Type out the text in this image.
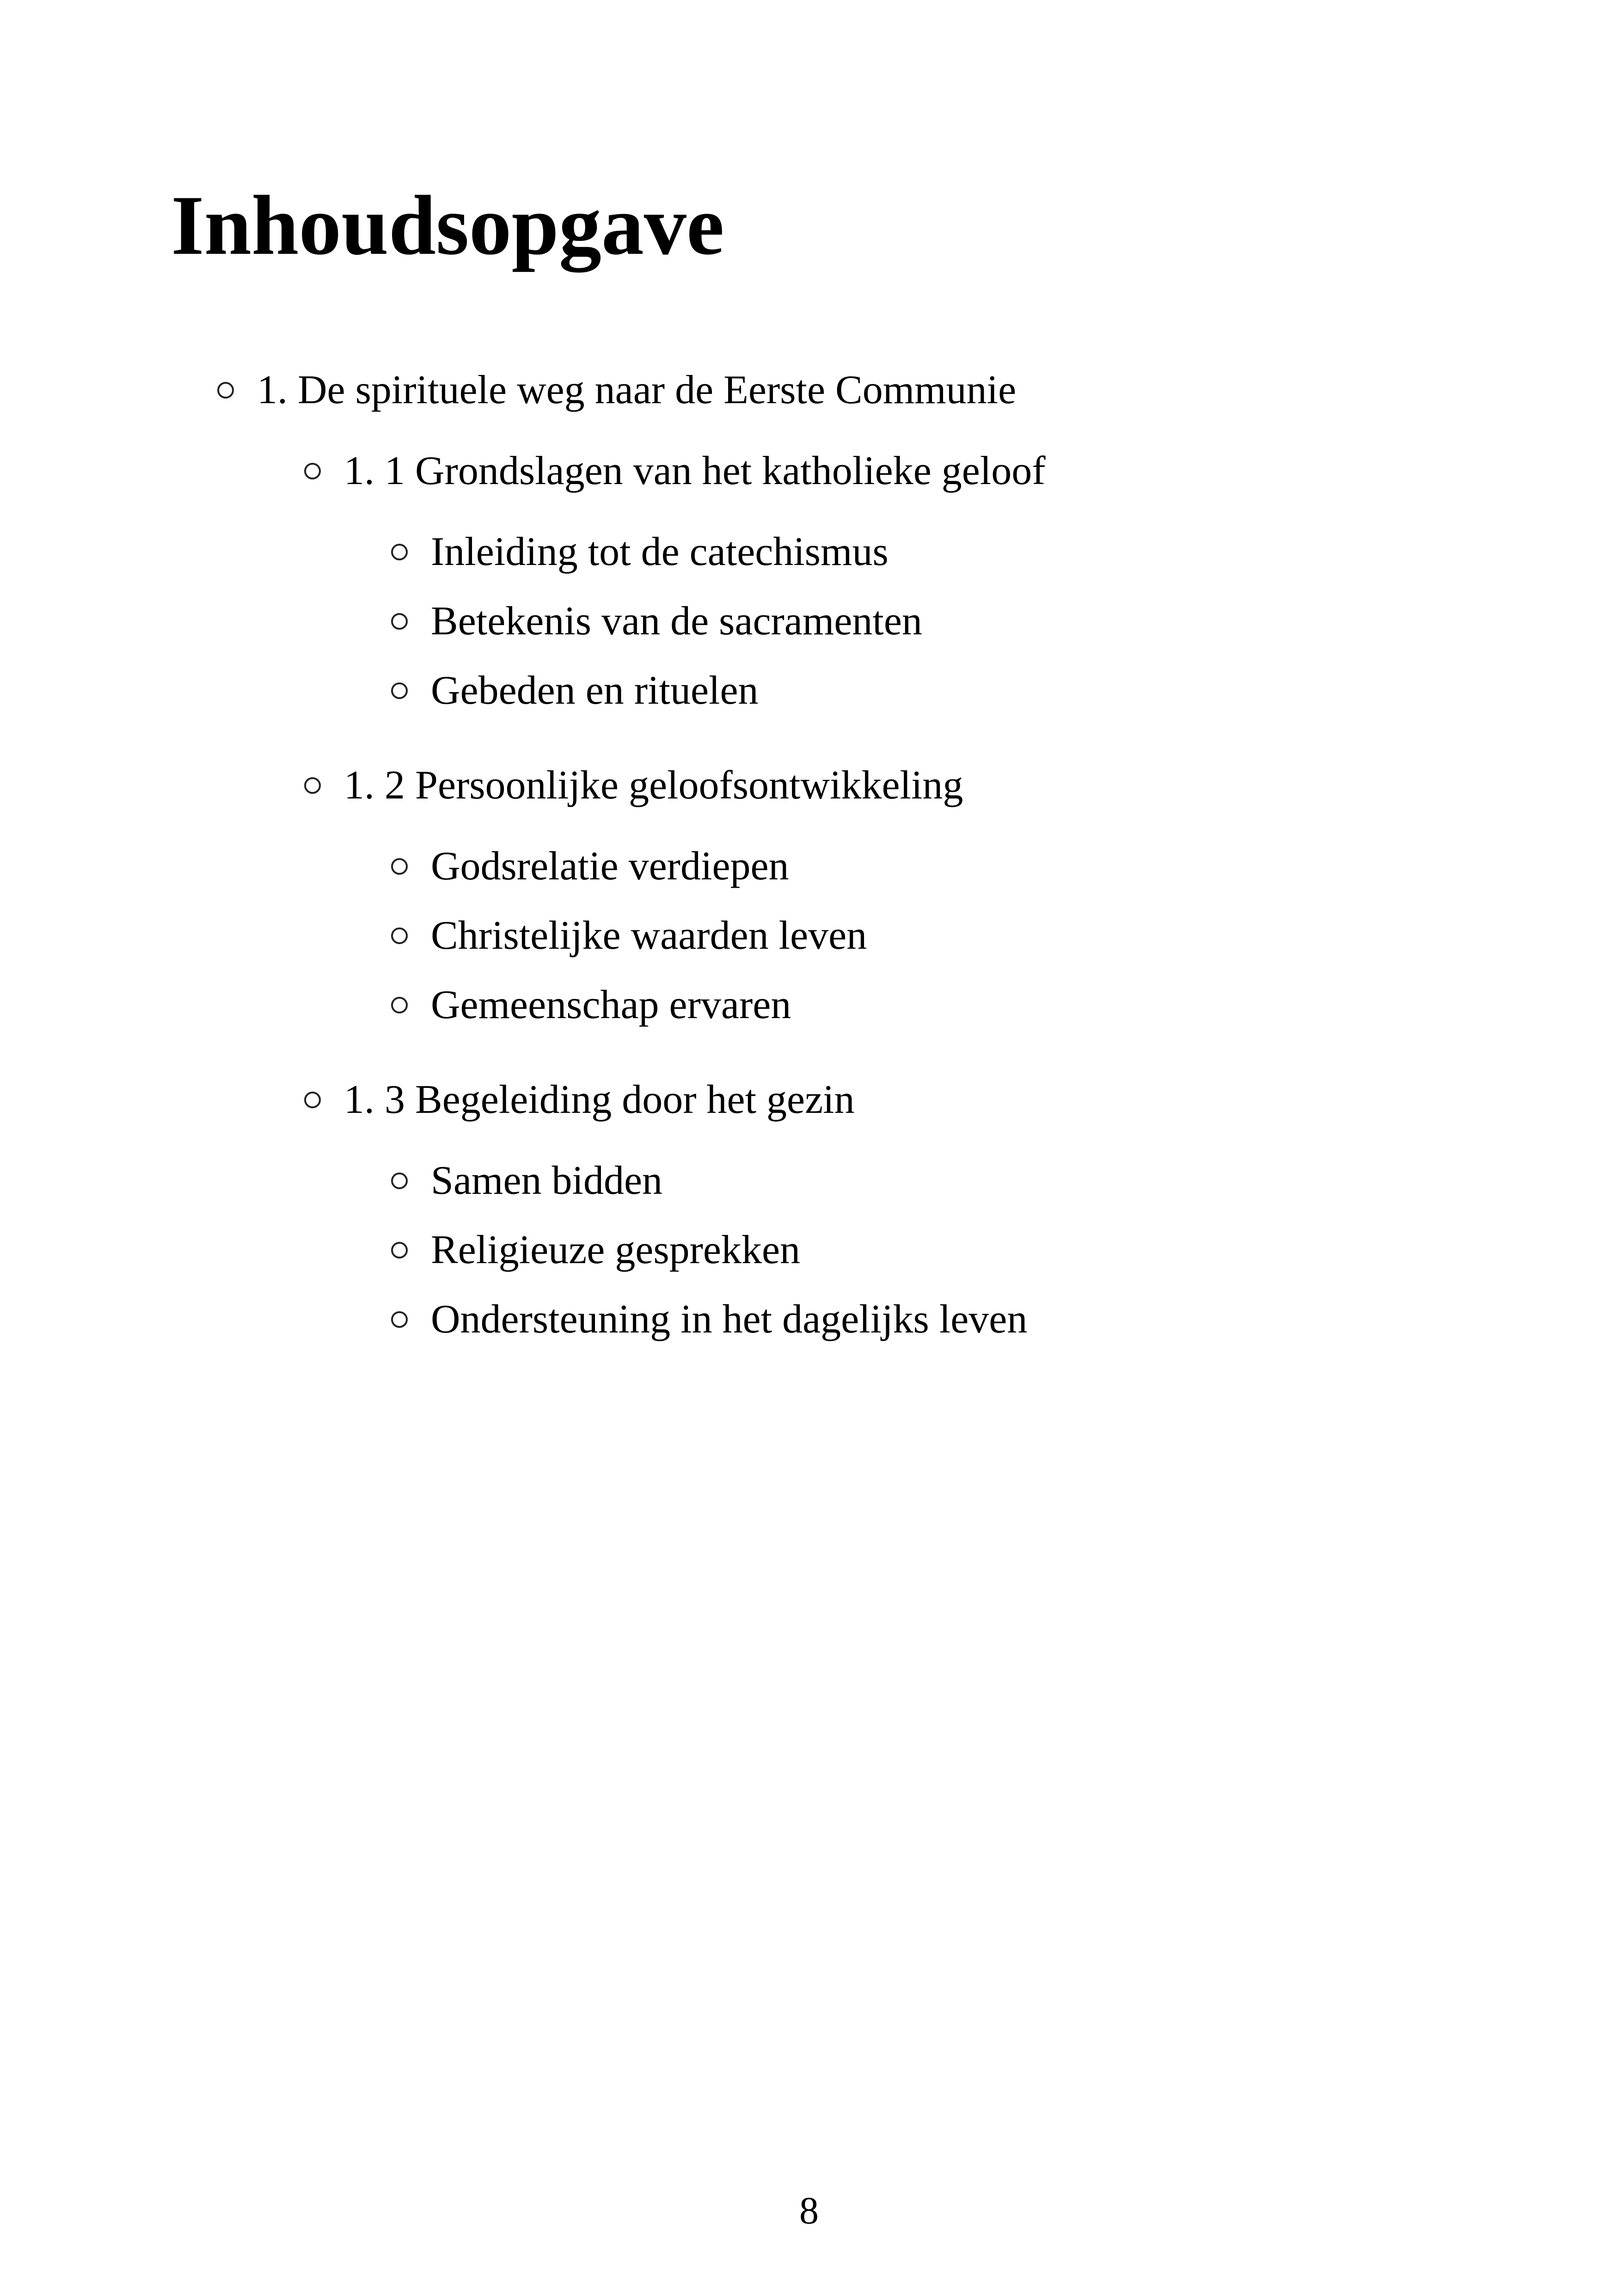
Inhoudsopgave
1. De spirituele weg naar de Eerste Communie
1. 1 Grondslagen van het katholieke geloof
Inleiding tot de catechismus
Betekenis van de sacramenten
Gebeden en rituelen
1. 2 Persoonlijke geloofsontwikkeling
Godsrelatie verdiepen
Christelijke waarden leven
Gemeenschap ervaren
1. 3 Begeleiding door het gezin
Samen bidden
Religieuze gesprekken
Ondersteuning in het dagelijks leven
8
